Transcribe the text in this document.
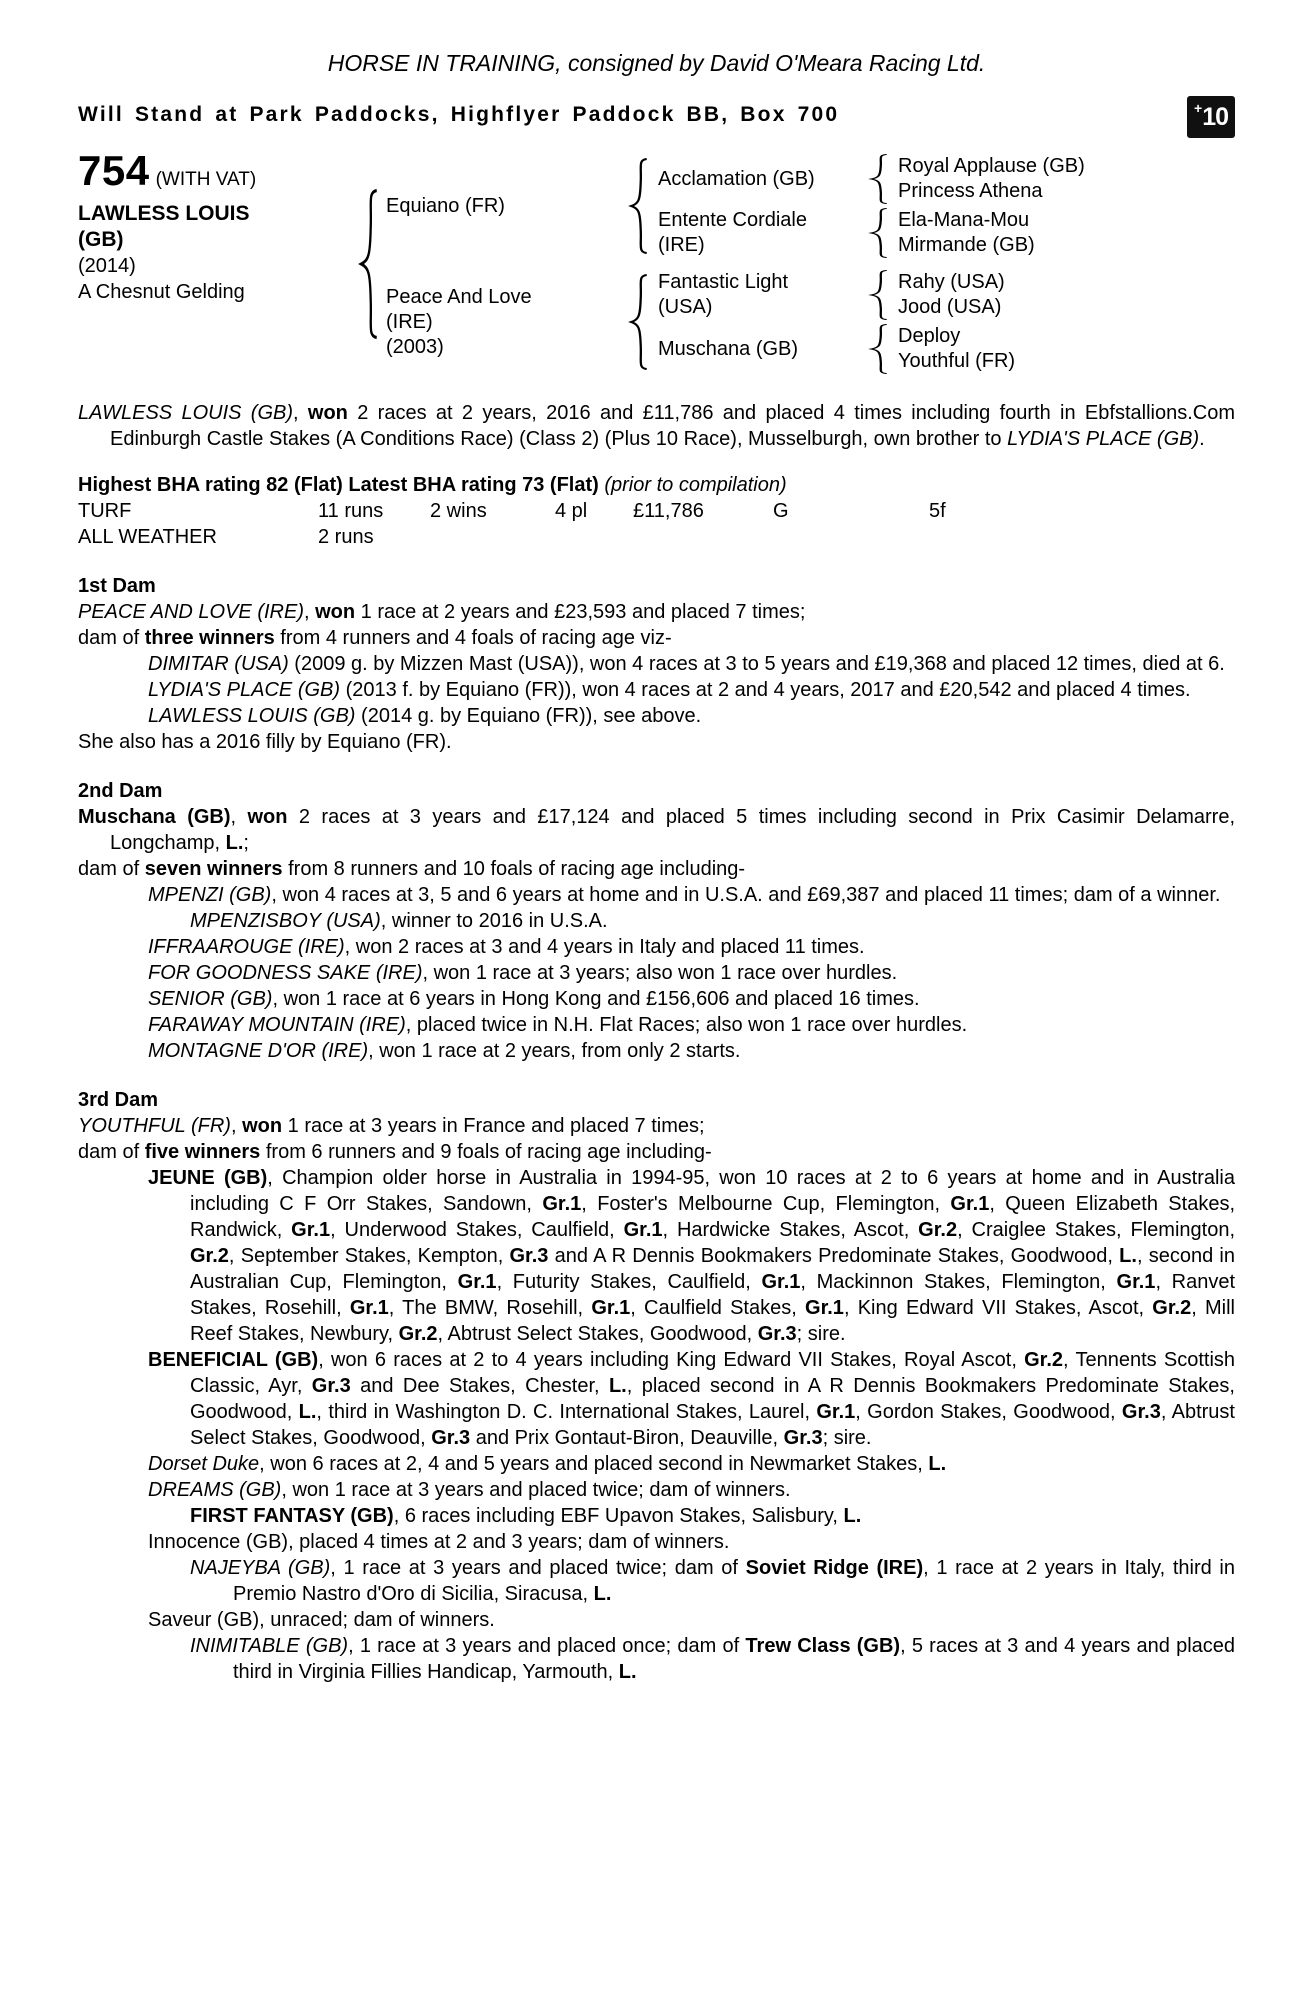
HORSE IN TRAINING, consigned by David O'Meara Racing Ltd.
Will Stand at Park Paddocks, Highflyer Paddock BB, Box 700	+ 10
754 (WITH VAT)
LAWLESS LOUIS (GB)
(2014)
A Chesnut Gelding
Equiano (FR)
Acclamation (GB)
Royal Applause (GB)
Princess Athena
Entente Cordiale (IRE)
Ela-Mana-Mou
Mirmande (GB)
Peace And Love (IRE)
(2003)
Fantastic Light (USA)
Rahy (USA)
Jood (USA)
Muschana (GB)
Deploy
Youthful (FR)

LAWLESS LOUIS (GB), won 2 races at 2 years, 2016 and £11,786 and placed 4 times including fourth in Ebfstallions.Com Edinburgh Castle Stakes (A Conditions Race) (Class 2) (Plus 10 Race), Musselburgh, own brother to LYDIA'S PLACE (GB).

Highest BHA rating 82 (Flat) Latest BHA rating 73 (Flat) (prior to compilation)
TURF	11 runs	2 wins	4 pl	£11,786	G	5f
ALL WEATHER	2 runs
1st Dam

PEACE AND LOVE (IRE), won 1 race at 2 years and £23,593 and placed 7 times;

dam of three winners from 4 runners and 4 foals of racing age viz-

DIMITAR (USA) (2009 g. by Mizzen Mast (USA)), won 4 races at 3 to 5 years and £19,368 and placed 12 times, died at 6.

LYDIA'S PLACE (GB) (2013 f. by Equiano (FR)), won 4 races at 2 and 4 years, 2017 and £20,542 and placed 4 times.

LAWLESS LOUIS (GB) (2014 g. by Equiano (FR)), see above.

She also has a 2016 filly by Equiano (FR).

2nd Dam

Muschana (GB), won 2 races at 3 years and £17,124 and placed 5 times including second in Prix Casimir Delamarre, Longchamp, L.;

dam of seven winners from 8 runners and 10 foals of racing age including-

MPENZI (GB), won 4 races at 3, 5 and 6 years at home and in U.S.A. and £69,387 and placed 11 times; dam of a winner.

MPENZISBOY (USA), winner to 2016 in U.S.A.

IFFRAAROUGE (IRE), won 2 races at 3 and 4 years in Italy and placed 11 times.

FOR GOODNESS SAKE (IRE), won 1 race at 3 years; also won 1 race over hurdles.

SENIOR (GB), won 1 race at 6 years in Hong Kong and £156,606 and placed 16 times.

FARAWAY MOUNTAIN (IRE), placed twice in N.H. Flat Races; also won 1 race over hurdles.

MONTAGNE D'OR (IRE), won 1 race at 2 years, from only 2 starts.

3rd Dam

YOUTHFUL (FR), won 1 race at 3 years in France and placed 7 times;

dam of five winners from 6 runners and 9 foals of racing age including-

JEUNE (GB), Champion older horse in Australia in 1994-95, won 10 races at 2 to 6 years at home and in Australia including C F Orr Stakes, Sandown, Gr.1, Foster's Melbourne Cup, Flemington, Gr.1, Queen Elizabeth Stakes, Randwick, Gr.1, Underwood Stakes, Caulfield, Gr.1, Hardwicke Stakes, Ascot, Gr.2, Craiglee Stakes, Flemington, Gr.2, September Stakes, Kempton, Gr.3 and A R Dennis Bookmakers Predominate Stakes, Goodwood, L., second in Australian Cup, Flemington, Gr.1, Futurity Stakes, Caulfield, Gr.1, Mackinnon Stakes, Flemington, Gr.1, Ranvet Stakes, Rosehill, Gr.1, The BMW, Rosehill, Gr.1, Caulfield Stakes, Gr.1, King Edward VII Stakes, Ascot, Gr.2, Mill Reef Stakes, Newbury, Gr.2, Abtrust Select Stakes, Goodwood, Gr.3; sire.

BENEFICIAL (GB), won 6 races at 2 to 4 years including King Edward VII Stakes, Royal Ascot, Gr.2, Tennents Scottish Classic, Ayr, Gr.3 and Dee Stakes, Chester, L., placed second in A R Dennis Bookmakers Predominate Stakes, Goodwood, L., third in Washington D. C. International Stakes, Laurel, Gr.1, Gordon Stakes, Goodwood, Gr.3, Abtrust Select Stakes, Goodwood, Gr.3 and Prix Gontaut-Biron, Deauville, Gr.3; sire.

Dorset Duke, won 6 races at 2, 4 and 5 years and placed second in Newmarket Stakes, L.

DREAMS (GB), won 1 race at 3 years and placed twice; dam of winners.

FIRST FANTASY (GB), 6 races including EBF Upavon Stakes, Salisbury, L.

Innocence (GB), placed 4 times at 2 and 3 years; dam of winners.

NAJEYBA (GB), 1 race at 3 years and placed twice; dam of Soviet Ridge (IRE), 1 race at 2 years in Italy, third in Premio Nastro d'Oro di Sicilia, Siracusa, L.

Saveur (GB), unraced; dam of winners.

INIMITABLE (GB), 1 race at 3 years and placed once; dam of Trew Class (GB), 5 races at 3 and 4 years and placed third in Virginia Fillies Handicap, Yarmouth, L.
